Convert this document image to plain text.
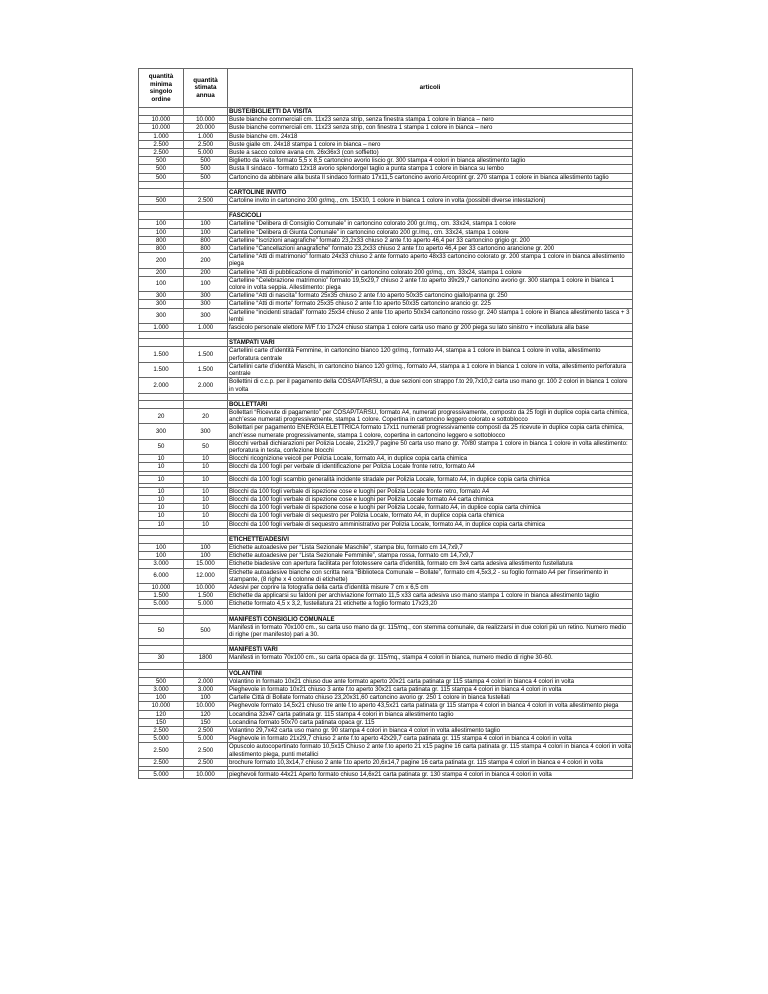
quantità minima singolo ordine	quantità stimata annua	articoli
		BUSTE/BIGLIETTI DA VISITA
10.000	10.000	Buste bianche commerciali cm. 11x23 senza strip, senza finestra stampa 1 colore in bianca – nero
10.000	20.000	Buste bianche commerciali cm. 11x23 senza strip, con finestra 1 stampa 1 colore in bianca – nero
1.000	1.000	Buste bianche cm. 24x18
2.500	2.500	Buste gialle cm. 24x18 stampa 1 colore in bianca – nero
2.500	5.000	Buste a sacco colore avana cm. 26x36x3 (con soffietto)
500	500	Biglietto da visita formato 5,5 x 8,5 cartoncino avorio liscio gr. 300 stampa 4 colori in bianca allestimento taglio
500	500	Busta Il sindaco - formato 12x18 avorio splendorgel taglio a punta stampa 1 colore in bianca su lembo
500	500	Cartoncino da abbinare alla busta Il sindaco formato 17x11,5 cartoncino avorio Arcoprint gr. 270 stampa 1 colore in bianca allestimento taglio

		CARTOLINE INVITO
500	2.500	Cartoline invito in cartoncino 200 gr/mq., cm. 15X10, 1 colore in bianca 1 colore in volta (possibili diverse intestazioni)

		FASCICOLI
100	100	Cartelline “Delibera di Consiglio Comunale” in cartoncino colorato 200 gr./mq., cm. 33x24, stampa 1 colore
100	100	Cartelline “Delibera di Giunta Comunale” in cartoncino colorato 200 gr./mq., cm. 33x24, stampa 1 colore
800	800	Cartelline “Iscrizioni anagrafiche” formato 23,2x33 chiuso 2 ante f.to aperto 46,4 per 33 cartoncino grigio gr. 200
800	800	Cartelline “Cancellazioni anagrafiche” formato 23,2x33 chiuso 2 ante f.to aperto 46,4 per 33 cartoncino arancione gr. 200
200	200	Cartelline “Atti di matrimonio” formato 24x33 chiuso 2 ante formato aperto 48x33 cartoncino colorato gr. 200 stampa 1 colore in bianca allestimento piega
200	200	Cartelline “Atti di pubblicazione di matrimonio” in cartoncino colorato 200 gr/mq., cm. 33x24, stampa 1 colore
100	100	Cartelline “Celebrazione matrimonio” formato 19,5x29,7 chiuso 2 ante f.to aperto 39x29,7 cartoncino avorio gr. 300 stampa 1 colore in bianca 1 colore in volta seppia. Allestimento: piega
300	300	Cartelline “Atti di nascita” formato 25x35 chiuso 2 ante f.to aperto 50x35 cartoncino giallo/panna gr. 250
300	300	Cartelline “Atti di morte” formato 25x35 chiuso 2 ante f.to aperto 50x35 cartoncino arancio gr. 225
300	300	Cartelline “incidenti stradali” formato 25x34 chiuso 2 ante f.to aperto 50x34 cartoncino rosso gr. 240 stampa 1 colore in Bianca allestimento tasca + 3 lembi
1.000	1.000	fascicolo personale elettore M/F f.to 17x24 chiuso stampa 1 colore carta uso mano gr 200 piega su lato sinistro + incollatura alla base

		STAMPATI VARI
1.500	1.500	Cartellini carte d’identità Femmine, in cartoncino bianco 120 gr/mq., formato A4, stampa a 1 colore in bianca 1 colore in volta, allestimento perforatura centrale
1.500	1.500	Cartellini carte d’identità Maschi, in cartoncino bianco 120 gr/mq., formato A4, stampa a 1 colore in bianca 1 colore in volta, allestimento perforatura centrale
2.000	2.000	Bollettini di c.c.p. per il pagamento della COSAP/TARSU, a due sezioni con strappo f.to 29,7x10,2 carta uso mano gr. 100 2 colori in bianca 1 colore in volta

		BOLLETTARI
20	20	Bollettari “Ricevute di pagamento” per COSAP/TARSU, formato A4, numerati progressivamente, composto da 25 fogli in duplice copia carta chimica, anch’esse numerati progressivamente, stampa 1 colore. Copertina in cartoncino leggero colorato e sottoblocco
300	300	Bollettari per pagamento ENERGIA ELETTRICA formato 17x11 numerati progressivamente composti da 25 ricevute in duplice copia carta chimica, anch’esse numerate progressivamente, stampa 1 colore, copertina in cartoncino leggero e sottoblocco
50	50	Blocchi verbali dichiarazioni per Polizia Locale, 21x29,7 pagine 50 carta uso mano gr. 70/80 stampa 1 colore in bianca 1 colore in volta allestimento: perforatura in testa, confezione blocchi
10	10	Blocchi ricognizione veicoli per Polizia Locale, formato A4, in duplice copia carta chimica
10	10	Blocchi da 100 fogli per verbale di identificazione per Polizia Locale fronte retro, formato A4

10	10	Blocchi da 100 fogli scambio generalità incidente stradale per Polizia Locale, formato A4, in duplice copia carta chimica

10	10	Blocchi da 100 fogli verbale di ispezione cose e luoghi per Polizia Locale fronte retro, formato A4
10	10	Blocchi da 100 fogli verbale di ispezione cose e luoghi per Polizia Locale formato A4 carta chimica
10	10	Blocchi da 100 fogli verbale di ispezione cose e luoghi per Polizia Locale, formato A4, in duplice copia carta chimica
10	10	Blocchi da 100 fogli verbale di sequestro per Polizia Locale, formato A4, in duplice copia carta chimica
10	10	Blocchi da 100 fogli verbale di sequestro amministrativo per Polizia Locale, formato A4, in duplice copia carta chimica

		ETICHETTE/ADESIVI
100	100	Etichette autoadesive per “Lista Sezionale Maschile”, stampa blu, formato cm 14,7x9,7
100	100	Etichette autoadesive per “Lista Sezionale Femminile”, stampa rossa, formato cm 14,7x9,7
3.000	15.000	Etichette biadesive con apertura facilitata per fototessere carta d’identità, formato cm 3x4 carta adesiva allestimento fustellatura
6.000	12.000	Etichette autoadesive bianche con scritta nera “Biblioteca Comunale – Bollate”, formato cm 4,5x3,2 - su foglio formato A4 per l’inserimento in stampante, (8 righe x 4 colonne di etichette)
10.000	10.000	Adesivi per coprire la fotografia della carta d’identità misure 7 cm x 6,5 cm
1.500	1.500	Etichette da applicarsi su faldoni per archiviazione formato 11,5 x33 carta adesiva uso mano stampa 1 colore in bianca allestimento taglio
5.000	5.000	Etichette formato 4,5 x 3,2, fustellatura 21 etichette a foglio formato 17x23,20

		MANIFESTI CONSIGLIO COMUNALE
50	500	Manifesti in formato 70x100 cm., su carta uso mano da gr. 115/mq., con stemma comunale, da realizzarsi in due colori più un retino. Numero medio di righe (per manifesto) pari a 30.

		MANIFESTI VARI
30	1800	Manifesti in formato 70x100 cm., su carta opaca da gr. 115/mq., stampa 4 colori in bianca, numero medio di righe 30-60.

		VOLANTINI
500	2.000	Volantino in formato 10x21 chiuso due ante formato aperto 20x21 carta patinata gr 115 stampa 4 colori in bianca 4 colori in volta
3.000	3.000	Pieghevole in formato 10x21 chiuso 3 ante f.to aperto 30x21 carta patinata gr. 115 stampa 4 colori in bianca 4 colori in volta
100	100	Cartelle Città di Bollate formato chiuso 23,20x31,60 cartoncino avorio gr. 250 1 colore in bianca fustellati
10.000	10.000	Pieghevole formato 14,5x21 chiuso tre ante f.to aperto 43,5x21 carta patinata gr 115 stampa 4 colori in bianca 4 colori in volta allestimento piega
120	120	Locandina 32x47 carta patinata gr. 115 stampa 4 colori in bianca allestimento taglio
150	150	Locandina formato 50x70 carta patinata opaca gr. 115
2.500	2.500	Volantino 29,7x42 carta uso mano gr. 90 stampa 4 colori in bianca 4 colori in volta allestimento taglio
5.000	5.000	Pieghevole in formato 21x29,7 chiuso 2 ante f.to aperto 42x29,7 carta patinata gr. 115 stampa 4 colori in bianca 4 colori in volta
2.500	2.500	Opuscolo autocopertinato formato 10,5x15 Chiuso 2 ante f.to aperto 21 x15 pagine 16 carta patinata gr. 115 stampa 4 colori in bianca 4 colori in volta allestimento piega, punti metallici
2.500	2.500	brochure formato 10,3x14,7 chiuso 2 ante f.to aperto 20,6x14,7 pagine 16 carta patinata gr. 115 stampa 4 colori in bianca e 4 colori in volta

5.000	10.000	pieghevoli formato 44x21 Aperto formato chiuso 14,6x21 carta patinata gr. 130 stampa 4 colori in bianca 4 colori in volta
